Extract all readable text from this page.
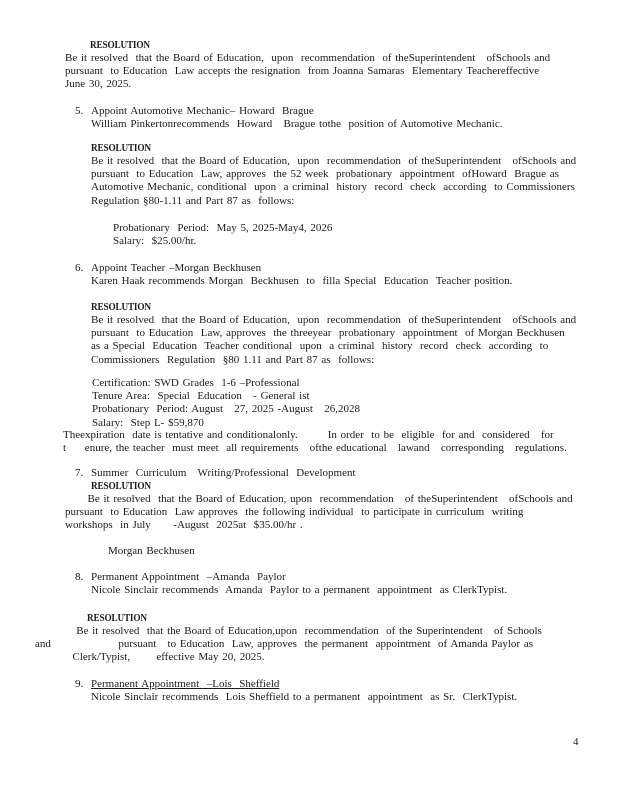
RESOLUTION
Be it resolved  that the Board of Education,  upon  recommendation  of theSuperintendent   ofSchools and
pursuant  to Education  Law accepts the resignation  from Joanna Samaras  Elementary Teachereffective
June 30, 2025.
5. Appoint Automotive Mechanic– Howard  Brague
William Pinkertonrecommends  Howard   Brague tothe  position of Automotive Mechanic.
RESOLUTION
Be it resolved  that the Board of Education,  upon  recommendation  of theSuperintendent   ofSchools and
pursuant  to Education  Law, approves  the 52 week  probationary  appointment  ofHoward  Brague as
Automotive Mechanic, conditional  upon  a criminal  history  record  check  according  to Commissioners
Regulation §80-1.11 and Part 87 as  follows:
Probationary  Period:  May 5, 2025-May4, 2026
Salary:  $25.00/hr.
6. Appoint Teacher –Morgan Beckhusen
Karen Haak recommends Morgan  Beckhusen  to  filla Special  Education  Teacher position.
RESOLUTION
Be it resolved  that the Board of Education,  upon  recommendation  of theSuperintendent   ofSchools and
pursuant  to Education  Law, approves  the threeyear  probationary  appointment  of Morgan Beckhusen
as a Special  Education  Teacher conditional  upon  a criminal  history  record  check  according  to
Commissioners  Regulation  §80 1.11 and Part 87 as  follows:
Certification: SWD Grades  1-6 –Professional
Tenure Area:  Special  Education   - General ist
Probationary  Period: August   27, 2025 -August   26,2028
Salary:  Step L- $59,870
Theexpiration  date is tentative and conditionalonly.        In order  to be  eligible  for and  considered   for
t     enure, the teacher  must meet  all requirements   ofthe educational   lawand   corresponding   regulations.
7. Summer  Curriculum   Writing/Professional  Development
RESOLUTION
Be it resolved  that the Board of Education, upon  recommendation   of theSuperintendent   ofSchools and
pursuant  to Education  Law approves  the following individual  to participate in curriculum  writing
workshops  in July      -August  2025at  $35.00/hr .
Morgan Beckhusen
8. Permanent Appointment  –Amanda  Paylor
Nicole Sinclair recommends  Amanda  Paylor to a permanent  appointment  as ClerkTypist.
RESOLUTION
Be it resolved  that the Board of Education,upon  recommendation  of the Superintendent   of Schools
and                  pursuant   to Education  Law, approves  the permanent  appointment  of Amanda Paylor as
Clerk/Typist,       effective May 20, 2025.
9. Permanent Appointment  –Lois  Sheffield
Nicole Sinclair recommends  Lois Sheffield to a permanent  appointment  as Sr.  ClerkTypist.
4
